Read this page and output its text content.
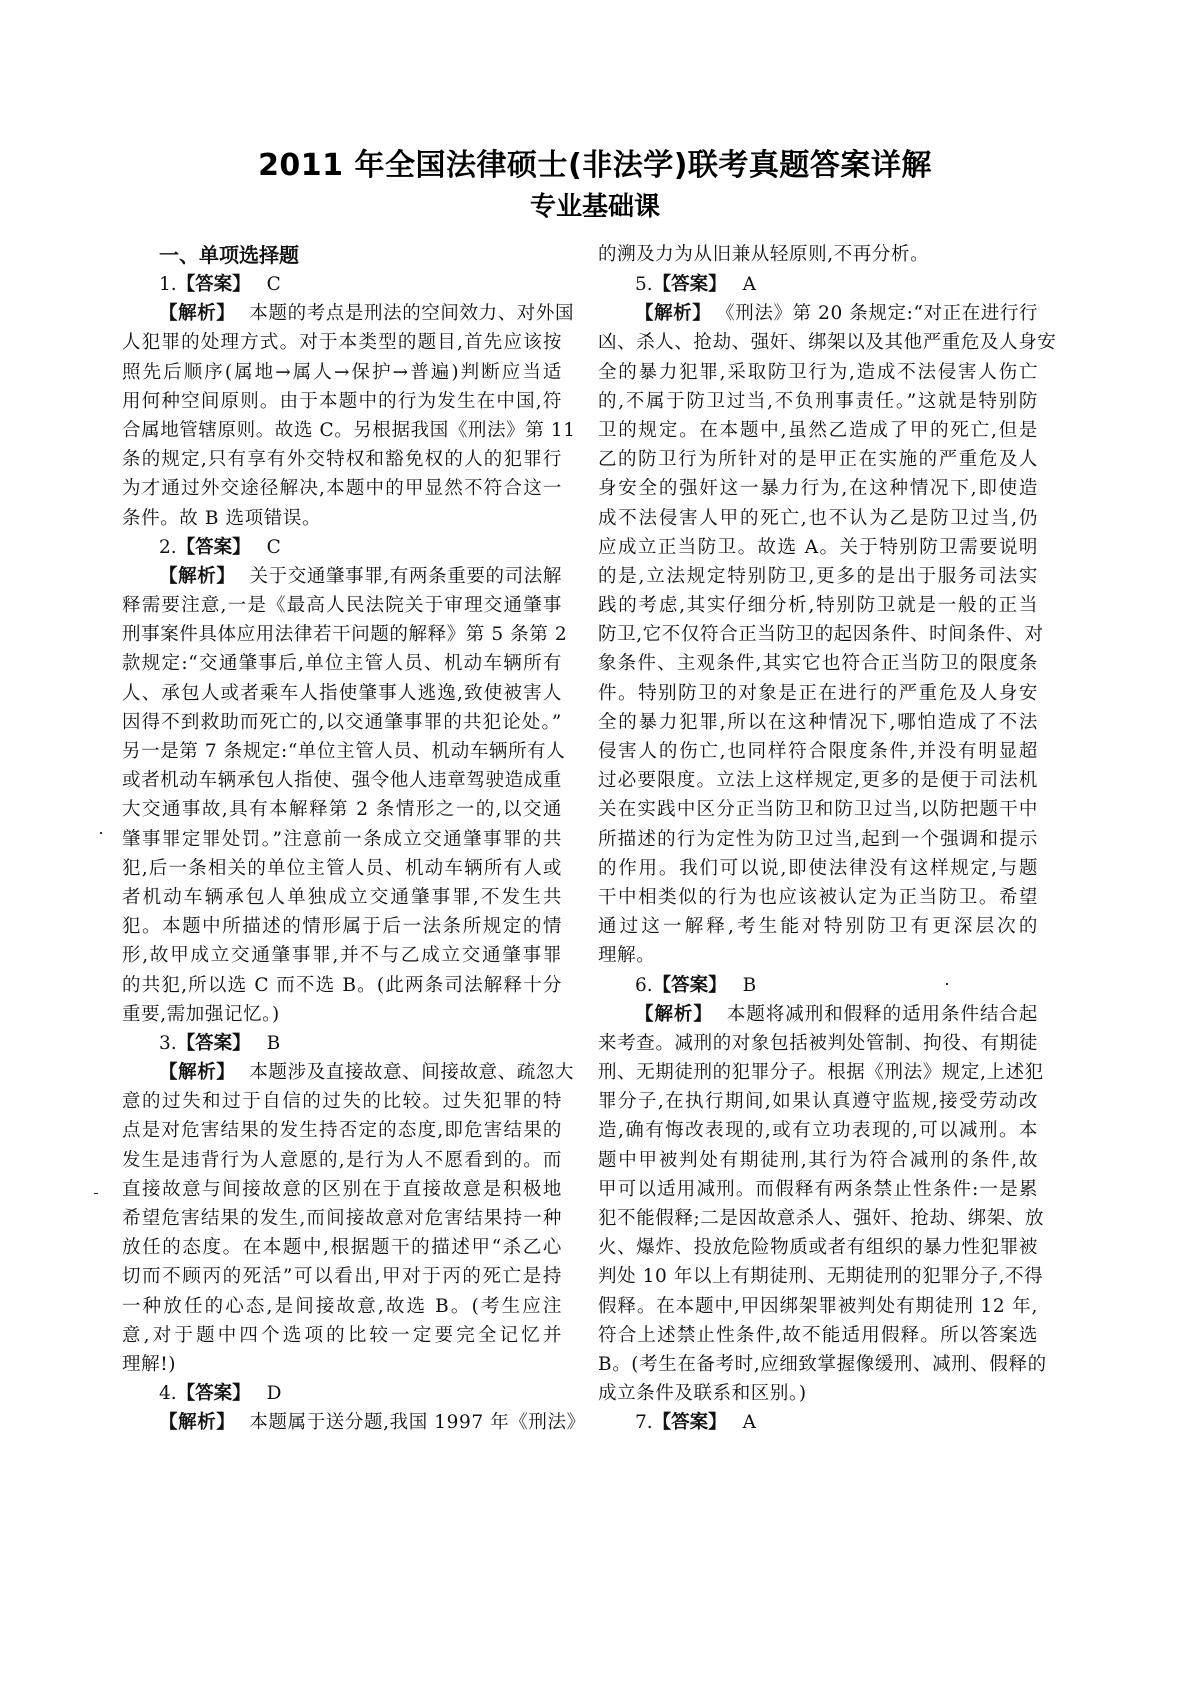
2011 年全国法律硕士(非法学)联考真题答案详解
专业基础课
一、单项选择题
1.【答案】 C
【解析】 本题的考点是刑法的空间效力、对外国
人犯罪的处理方式。对于本类型的题目,首先应该按
照先后顺序(属地→属人→保护→普遍)判断应当适
用何种空间原则。由于本题中的行为发生在中国,符
合属地管辖原则。故选 C。另根据我国《刑法》第 11
条的规定,只有享有外交特权和豁免权的人的犯罪行
为才通过外交途径解决,本题中的甲显然不符合这一
条件。故 B 选项错误。
2.【答案】 C
【解析】 关于交通肇事罪,有两条重要的司法解
释需要注意,一是《最高人民法院关于审理交通肇事
刑事案件具体应用法律若干问题的解释》第 5 条第 2
款规定:“交通肇事后,单位主管人员、机动车辆所有
人、承包人或者乘车人指使肇事人逃逸,致使被害人
因得不到救助而死亡的,以交通肇事罪的共犯论处。”
另一是第 7 条规定:“单位主管人员、机动车辆所有人
或者机动车辆承包人指使、强令他人违章驾驶造成重
大交通事故,具有本解释第 2 条情形之一的,以交通
肇事罪定罪处罚。”注意前一条成立交通肇事罪的共
犯,后一条相关的单位主管人员、机动车辆所有人或
者机动车辆承包人单独成立交通肇事罪,不发生共
犯。本题中所描述的情形属于后一法条所规定的情
形,故甲成立交通肇事罪,并不与乙成立交通肇事罪
的共犯,所以选 C 而不选 B。(此两条司法解释十分
重要,需加强记忆。)
3.【答案】 B
【解析】 本题涉及直接故意、间接故意、疏忽大
意的过失和过于自信的过失的比较。过失犯罪的特
点是对危害结果的发生持否定的态度,即危害结果的
发生是违背行为人意愿的,是行为人不愿看到的。而
直接故意与间接故意的区别在于直接故意是积极地
希望危害结果的发生,而间接故意对危害结果持一种
放任的态度。在本题中,根据题干的描述甲“杀乙心
切而不顾丙的死活”可以看出,甲对于丙的死亡是持
一种放任的心态,是间接故意,故选 B。(考生应注
意,对于题中四个选项的比较一定要完全记忆并
理解!)
4.【答案】 D
【解析】 本题属于送分题,我国 1997 年《刑法》
的溯及力为从旧兼从轻原则,不再分析。
5.【答案】 A
【解析】 《刑法》第 20 条规定:“对正在进行行
凶、杀人、抢劫、强奸、绑架以及其他严重危及人身安
全的暴力犯罪,采取防卫行为,造成不法侵害人伤亡
的,不属于防卫过当,不负刑事责任。”这就是特别防
卫的规定。在本题中,虽然乙造成了甲的死亡,但是
乙的防卫行为所针对的是甲正在实施的严重危及人
身安全的强奸这一暴力行为,在这种情况下,即使造
成不法侵害人甲的死亡,也不认为乙是防卫过当,仍
应成立正当防卫。故选 A。关于特别防卫需要说明
的是,立法规定特别防卫,更多的是出于服务司法实
践的考虑,其实仔细分析,特别防卫就是一般的正当
防卫,它不仅符合正当防卫的起因条件、时间条件、对
象条件、主观条件,其实它也符合正当防卫的限度条
件。特别防卫的对象是正在进行的严重危及人身安
全的暴力犯罪,所以在这种情况下,哪怕造成了不法
侵害人的伤亡,也同样符合限度条件,并没有明显超
过必要限度。立法上这样规定,更多的是便于司法机
关在实践中区分正当防卫和防卫过当,以防把题干中
所描述的行为定性为防卫过当,起到一个强调和提示
的作用。我们可以说,即使法律没有这样规定,与题
干中相类似的行为也应该被认定为正当防卫。希望
通过这一解释,考生能对特别防卫有更深层次的
理解。
6.【答案】 B
【解析】 本题将减刑和假释的适用条件结合起
来考查。减刑的对象包括被判处管制、拘役、有期徒
刑、无期徒刑的犯罪分子。根据《刑法》规定,上述犯
罪分子,在执行期间,如果认真遵守监规,接受劳动改
造,确有悔改表现的,或有立功表现的,可以减刑。本
题中甲被判处有期徒刑,其行为符合减刑的条件,故
甲可以适用减刑。而假释有两条禁止性条件:一是累
犯不能假释;二是因故意杀人、强奸、抢劫、绑架、放
火、爆炸、投放危险物质或者有组织的暴力性犯罪被
判处 10 年以上有期徒刑、无期徒刑的犯罪分子,不得
假释。在本题中,甲因绑架罪被判处有期徒刑 12 年,
符合上述禁止性条件,故不能适用假释。所以答案选
B。(考生在备考时,应细致掌握像缓刑、减刑、假释的
成立条件及联系和区别。)
7.【答案】 A
